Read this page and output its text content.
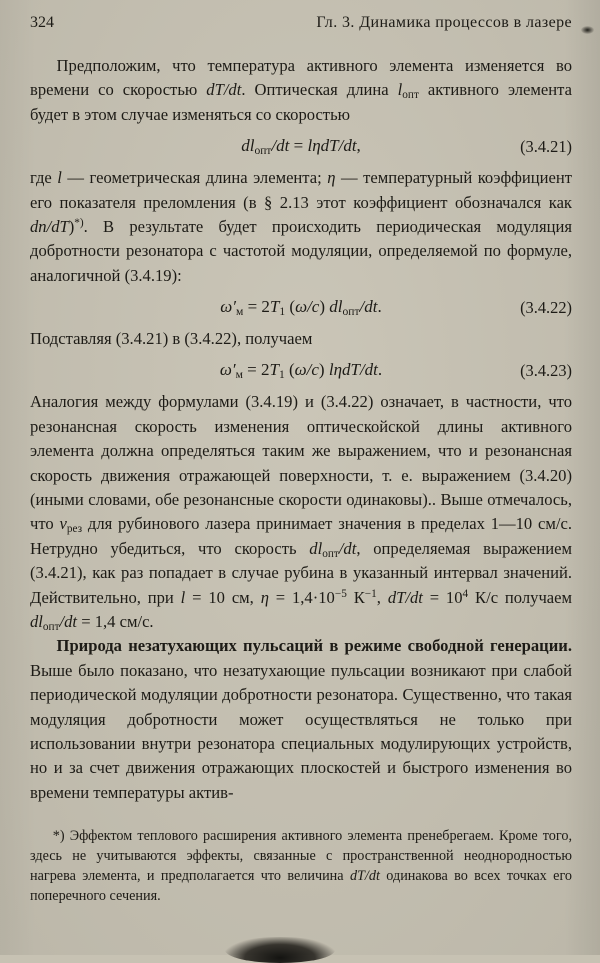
324	Гл. 3. Динамика процессов в лазере

Предположим, что температура активного элемента изменяется во времени со скоростью dT/dt. Оптическая длина $l_{опт}$ активного элемента будет в этом случае изменяться со скоростью

$dl_{опт}/dt = l\eta dT/dt$,	(3.4.21)

где l — геометрическая длина элемента; η — температурный коэффициент его показателя преломления (в § 2.13 этот коэффициент обозначался как dn/dT)*). В результате будет происходить периодическая модуляция добротности резонатора с частотой модуляции, определяемой по формуле, аналогичной (3.4.19):

$\omega'_м = 2T_1$ (ω/c) $dl_{опт}/dt$.	(3.4.22)

Подставляя (3.4.21) в (3.4.22), получаем

$\omega'_м = 2T_1$ (ω/c) lηdT/dt.	(3.4.23)

Аналогия между формулами (3.4.19) и (3.4.22) означает, в частности, что резонансная скорость изменения оптическойской длины активного элемента должна определяться таким же выражением, что и резонансная скорость движения отражающей поверхности, т. е. выражением (3.4.20) (иными словами, обе резонансные скорости одинаковы).. Выше отмечалось, что $v_{рез}$ для рубинового лазера принимает значения в пределах 1—10 см/с. Нетрудно убедиться, что скорость $dl_{опт}/dt$, определяемая выражением (3.4.21), как раз попадает в случае рубина в указанный интервал значений. Действительно, при l = 10 см, $\eta = 1,4\cdot 10^{-5}$ $К^{-1}$, $dT/dt = 10^4$ К/с получаем $dl_{опт}/dt = 1,4$ см/с.

Природа незатухающих пульсаций в режиме свободной генерации. Выше было показано, что незатухающие пульсации возникают при слабой периодической модуляции добротности резонатора. Существенно, что такая модуляция добротности может осуществляться не только при использовании внутри резонатора специальных модулирующих устройств, но и за счет движения отражающих плоскостей и быстрого изменения во времени температуры актив-

*) Эффектом теплового расширения активного элемента пренебрегаем. Кроме того, здесь не учитываются эффекты, связанные с пространственной неоднородностью нагрева элемента, и предполагается что величина dT/dt одинакова во всех точках его поперечного сечения.
